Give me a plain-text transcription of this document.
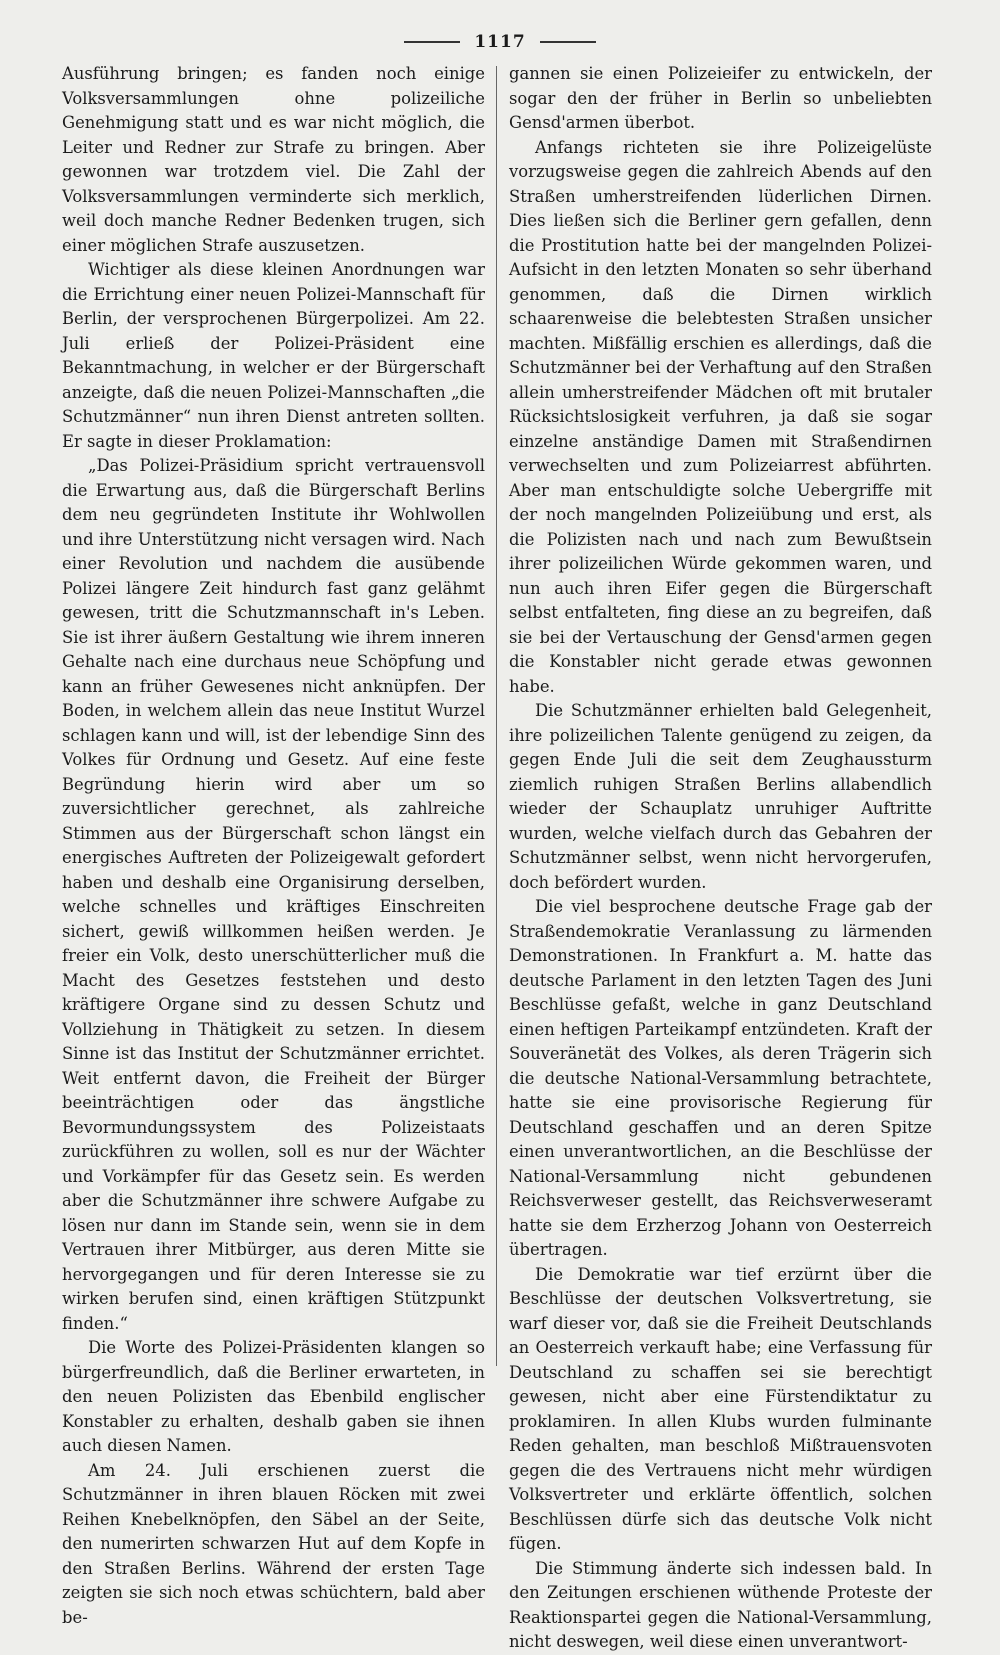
1117

Ausführung bringen; es fanden noch einige Volksversammlungen ohne polizeiliche Genehmigung statt und es war nicht möglich, die Leiter und Redner zur Strafe zu bringen. Aber gewonnen war trotzdem viel. Die Zahl der Volksversammlungen verminderte sich merklich, weil doch manche Redner Bedenken trugen, sich einer möglichen Strafe auszusetzen.

Wichtiger als diese kleinen Anordnungen war die Errichtung einer neuen Polizei-Mannschaft für Berlin, der versprochenen Bürgerpolizei. Am 22. Juli erließ der Polizei-Präsident eine Bekanntmachung, in welcher er der Bürgerschaft anzeigte, daß die neuen Polizei-Mannschaften „die Schutzmänner“ nun ihren Dienst antreten sollten. Er sagte in dieser Proklamation:

„Das Polizei-Präsidium spricht vertrauensvoll die Erwartung aus, daß die Bürgerschaft Berlins dem neu gegründeten Institute ihr Wohlwollen und ihre Unterstützung nicht versagen wird. Nach einer Revolution und nachdem die ausübende Polizei längere Zeit hindurch fast ganz gelähmt gewesen, tritt die Schutzmannschaft in's Leben. Sie ist ihrer äußern Gestaltung wie ihrem inneren Gehalte nach eine durchaus neue Schöpfung und kann an früher Gewesenes nicht anknüpfen. Der Boden, in welchem allein das neue Institut Wurzel schlagen kann und will, ist der lebendige Sinn des Volkes für Ordnung und Gesetz. Auf eine feste Begründung hierin wird aber um so zuversichtlicher gerechnet, als zahlreiche Stimmen aus der Bürgerschaft schon längst ein energisches Auftreten der Polizeigewalt gefordert haben und deshalb eine Organisirung derselben, welche schnelles und kräftiges Einschreiten sichert, gewiß willkommen heißen werden. Je freier ein Volk, desto unerschütterlicher muß die Macht des Gesetzes feststehen und desto kräftigere Organe sind zu dessen Schutz und Vollziehung in Thätigkeit zu setzen. In diesem Sinne ist das Institut der Schutzmänner errichtet. Weit entfernt davon, die Freiheit der Bürger beeinträchtigen oder das ängstliche Bevormundungssystem des Polizeistaats zurückführen zu wollen, soll es nur der Wächter und Vorkämpfer für das Gesetz sein. Es werden aber die Schutzmänner ihre schwere Aufgabe zu lösen nur dann im Stande sein, wenn sie in dem Vertrauen ihrer Mitbürger, aus deren Mitte sie hervorgegangen und für deren Interesse sie zu wirken berufen sind, einen kräftigen Stützpunkt finden.“

Die Worte des Polizei-Präsidenten klangen so bürgerfreundlich, daß die Berliner erwarteten, in den neuen Polizisten das Ebenbild englischer Konstabler zu erhalten, deshalb gaben sie ihnen auch diesen Namen.

Am 24. Juli erschienen zuerst die Schutzmänner in ihren blauen Röcken mit zwei Reihen Knebelknöpfen, den Säbel an der Seite, den numerirten schwarzen Hut auf dem Kopfe in den Straßen Berlins. Während der ersten Tage zeigten sie sich noch etwas schüchtern, bald aber be-

gannen sie einen Polizeieifer zu entwickeln, der sogar den der früher in Berlin so unbeliebten Gensd'armen überbot.

Anfangs richteten sie ihre Polizeigelüste vorzugsweise gegen die zahlreich Abends auf den Straßen umherstreifenden lüderlichen Dirnen. Dies ließen sich die Berliner gern gefallen, denn die Prostitution hatte bei der mangelnden Polizei-Aufsicht in den letzten Monaten so sehr überhand genommen, daß die Dirnen wirklich schaarenweise die belebtesten Straßen unsicher machten. Mißfällig erschien es allerdings, daß die Schutzmänner bei der Verhaftung auf den Straßen allein umherstreifender Mädchen oft mit brutaler Rücksichtslosigkeit verfuhren, ja daß sie sogar einzelne anständige Damen mit Straßendirnen verwechselten und zum Polizeiarrest abführten. Aber man entschuldigte solche Uebergriffe mit der noch mangelnden Polizeiübung und erst, als die Polizisten nach und nach zum Bewußtsein ihrer polizeilichen Würde gekommen waren, und nun auch ihren Eifer gegen die Bürgerschaft selbst entfalteten, fing diese an zu begreifen, daß sie bei der Vertauschung der Gensd'armen gegen die Konstabler nicht gerade etwas gewonnen habe.

Die Schutzmänner erhielten bald Gelegenheit, ihre polizeilichen Talente genügend zu zeigen, da gegen Ende Juli die seit dem Zeughaussturm ziemlich ruhigen Straßen Berlins allabendlich wieder der Schauplatz unruhiger Auftritte wurden, welche vielfach durch das Gebahren der Schutzmänner selbst, wenn nicht hervorgerufen, doch befördert wurden.

Die viel besprochene deutsche Frage gab der Straßendemokratie Veranlassung zu lärmenden Demonstrationen. In Frankfurt a. M. hatte das deutsche Parlament in den letzten Tagen des Juni Beschlüsse gefaßt, welche in ganz Deutschland einen heftigen Parteikampf entzündeten. Kraft der Souveränetät des Volkes, als deren Trägerin sich die deutsche National-Versammlung betrachtete, hatte sie eine provisorische Regierung für Deutschland geschaffen und an deren Spitze einen unverantwortlichen, an die Beschlüsse der National-Versammlung nicht gebundenen Reichsverweser gestellt, das Reichsverweseramt hatte sie dem Erzherzog Johann von Oesterreich übertragen.

Die Demokratie war tief erzürnt über die Beschlüsse der deutschen Volksvertretung, sie warf dieser vor, daß sie die Freiheit Deutschlands an Oesterreich verkauft habe; eine Verfassung für Deutschland zu schaffen sei sie berechtigt gewesen, nicht aber eine Fürstendiktatur zu proklamiren. In allen Klubs wurden fulminante Reden gehalten, man beschloß Mißtrauensvoten gegen die des Vertrauens nicht mehr würdigen Volksvertreter und erklärte öffentlich, solchen Beschlüssen dürfe sich das deutsche Volk nicht fügen.

Die Stimmung änderte sich indessen bald. In den Zeitungen erschienen wüthende Proteste der Reaktionspartei gegen die National-Versammlung, nicht deswegen, weil diese einen unverantwort-
